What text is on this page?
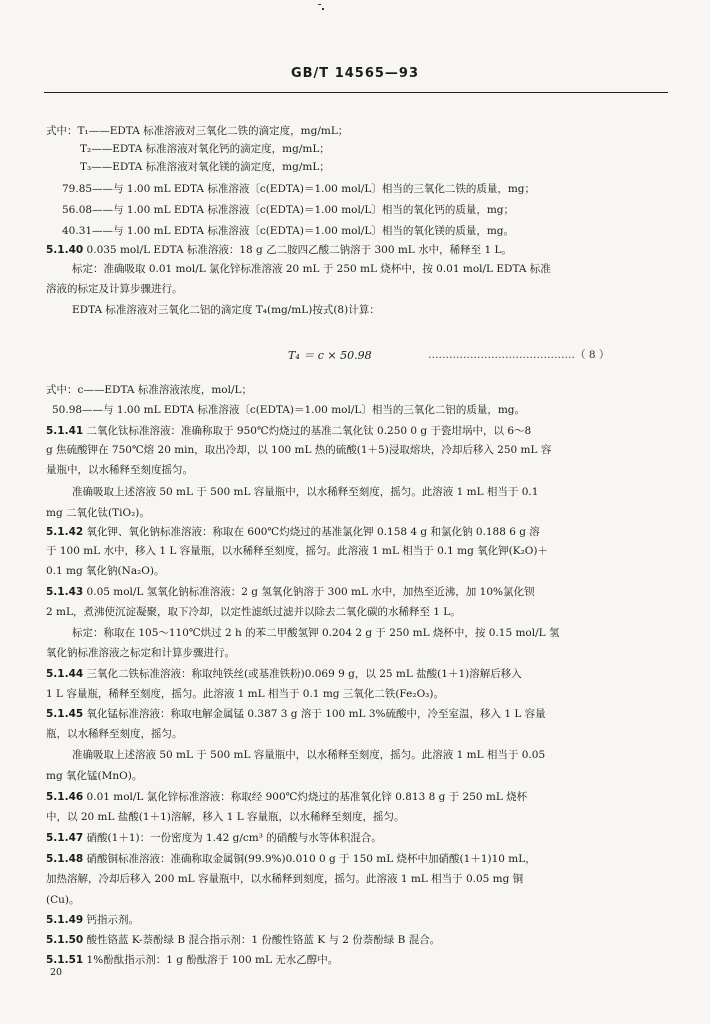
GB/T 14565—93
式中：T₁——EDTA 标准溶液对三氧化二铁的滴定度，mg/mL；
T₂——EDTA 标准溶液对氧化钙的滴定度，mg/mL；
T₃——EDTA 标准溶液对氧化镁的滴定度，mg/mL；
79.85——与 1.00 mL EDTA 标准溶液〔c(EDTA)＝1.00 mol/L〕相当的三氧化二铁的质量，mg；
56.08——与 1.00 mL EDTA 标准溶液〔c(EDTA)＝1.00 mol/L〕相当的氧化钙的质量，mg；
40.31——与 1.00 mL EDTA 标准溶液〔c(EDTA)＝1.00 mol/L〕相当的氧化镁的质量，mg。
5.1.40 0.035 mol/L EDTA 标准溶液：18 g 乙二胺四乙酸二钠溶于 300 mL 水中，稀释至 1 L。
标定：准确吸取 0.01 mol/L 氯化锌标准溶液 20 mL 于 250 mL 烧杯中，按 0.01 mol/L EDTA 标准
溶液的标定及计算步骤进行。
EDTA 标准溶液对三氧化二铝的滴定度 T₄(mg/mL)按式(8)计算：
式中：c——EDTA 标准溶液浓度，mol/L；
50.98——与 1.00 mL EDTA 标准溶液〔c(EDTA)＝1.00 mol/L〕相当的三氧化二铝的质量，mg。
5.1.41 二氧化钛标准溶液：准确称取于 950℃灼烧过的基准二氧化钛 0.250 0 g 于瓷坩埚中，以 6～8
g 焦硫酸钾在 750℃熔 20 min，取出冷却，以 100 mL 热的硫酸(1＋5)浸取熔块，冷却后移入 250 mL 容
量瓶中，以水稀释至刻度摇匀。
准确吸取上述溶液 50 mL 于 500 mL 容量瓶中，以水稀释至刻度，摇匀。此溶液 1 mL 相当于 0.1
mg 二氧化钛(TiO₂)。
5.1.42 氧化钾、氧化钠标准溶液：称取在 600℃灼烧过的基准氯化钾 0.158 4 g 和氯化钠 0.188 6 g 溶
于 100 mL 水中，移入 1 L 容量瓶，以水稀释至刻度，摇匀。此溶液 1 mL 相当于 0.1 mg 氧化钾(K₂O)＋
0.1 mg 氧化钠(Na₂O)。
5.1.43 0.05 mol/L 氢氧化钠标准溶液：2 g 氢氧化钠溶于 300 mL 水中，加热至近沸，加 10%氯化钡
2 mL，煮沸使沉淀凝聚，取下冷却，以定性滤纸过滤并以除去二氧化碳的水稀释至 1 L。
标定：称取在 105～110℃烘过 2 h 的苯二甲酸氢钾 0.204 2 g 于 250 mL 烧杯中，按 0.15 mol/L 氢
氧化钠标准溶液之标定和计算步骤进行。
5.1.44 三氧化二铁标准溶液：称取纯铁丝(或基准铁粉)0.069 9 g，以 25 mL 盐酸(1＋1)溶解后移入
1 L 容量瓶，稀释至刻度，摇匀。此溶液 1 mL 相当于 0.1 mg 三氧化二铁(Fe₂O₃)。
5.1.45 氧化锰标准溶液：称取电解金属锰 0.387 3 g 溶于 100 mL 3%硫酸中，冷至室温，移入 1 L 容量
瓶，以水稀释至刻度，摇匀。
准确吸取上述溶液 50 mL 于 500 mL 容量瓶中，以水稀释至刻度，摇匀。此溶液 1 mL 相当于 0.05
mg 氧化锰(MnO)。
5.1.46 0.01 mol/L 氯化锌标准溶液：称取经 900℃灼烧过的基准氧化锌 0.813 8 g 于 250 mL 烧杯
中，以 20 mL 盐酸(1＋1)溶解，移入 1 L 容量瓶，以水稀释至刻度，摇匀。
5.1.47 硝酸(1＋1)：一份密度为 1.42 g/cm³ 的硝酸与水等体积混合。
5.1.48 硝酸铜标准溶液：准确称取金属铜(99.9%)0.010 0 g 于 150 mL 烧杯中加硝酸(1＋1)10 mL，
加热溶解，冷却后移入 200 mL 容量瓶中，以水稀释到刻度，摇匀。此溶液 1 mL 相当于 0.05 mg 铜
(Cu)。
5.1.49 钙指示剂。
5.1.50 酸性铬蓝 K-萘酚绿 B 混合指示剂：1 份酸性铬蓝 K 与 2 份萘酚绿 B 混合。
5.1.51 1%酚酞指示剂：1 g 酚酞溶于 100 mL 无水乙醇中。
T₄ ＝ c × 50.98	……………………………………（ 8 ）
20
